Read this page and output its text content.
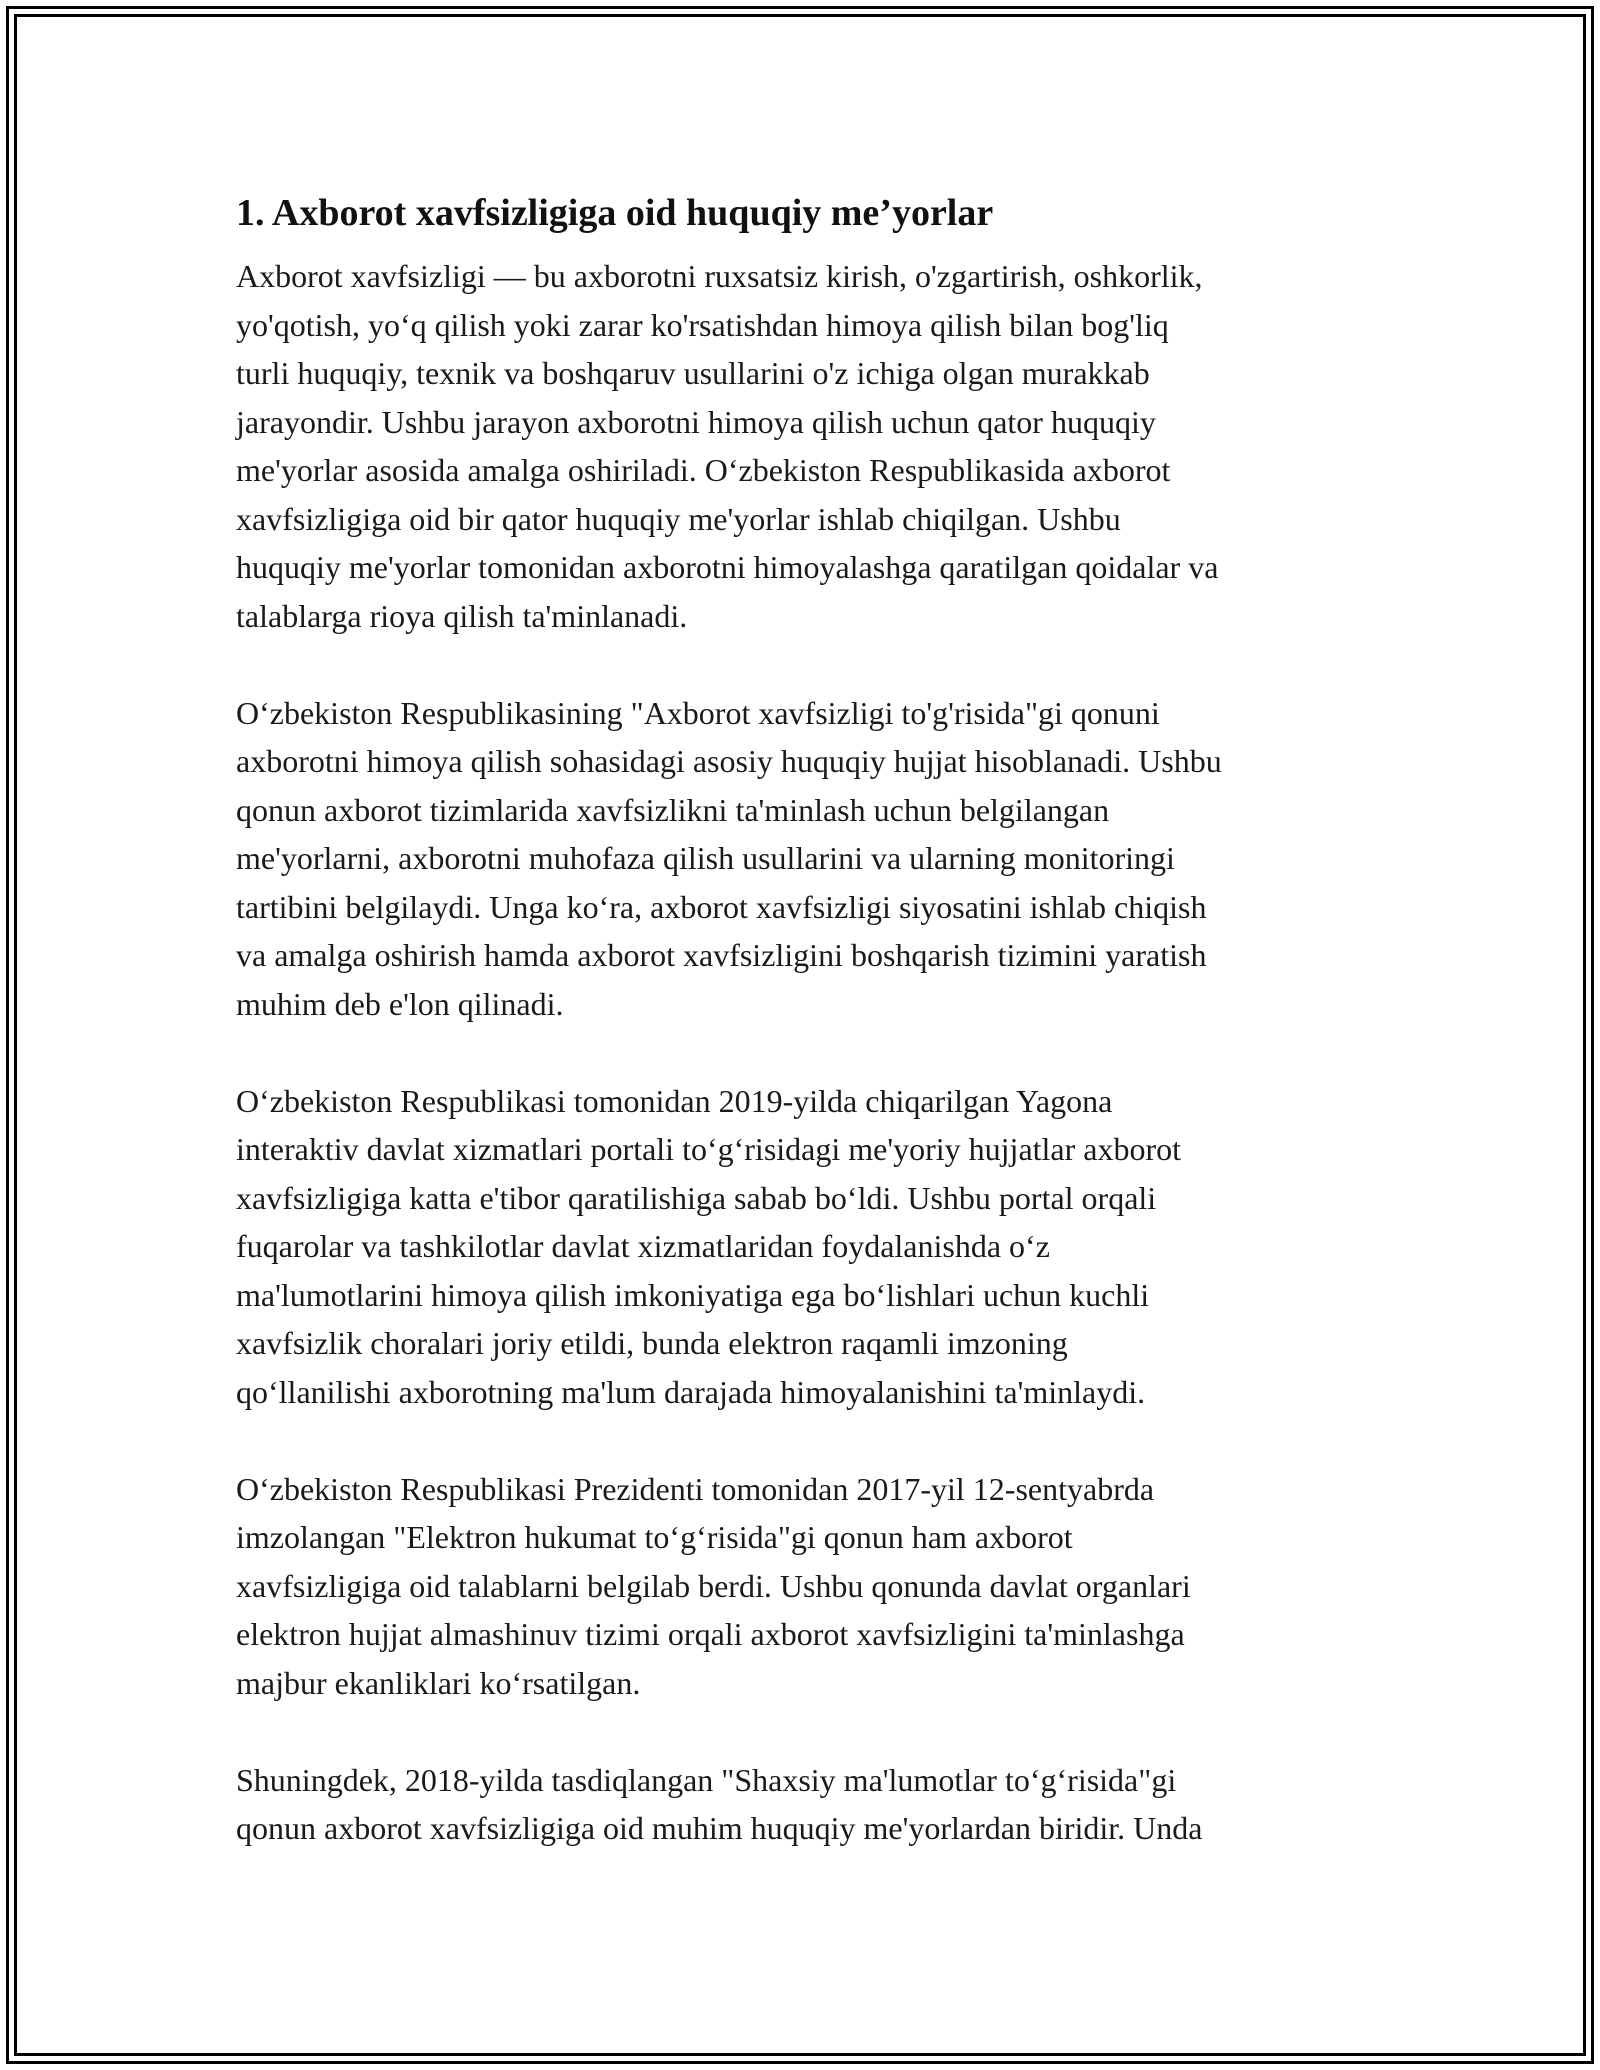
1. Axborot xavfsizligiga oid huquqiy me’yorlar

Axborot xavfsizligi — bu axborotni ruxsatsiz kirish, o'zgartirish, oshkorlik,
yo'qotish, yo‘q qilish yoki zarar ko'rsatishdan himoya qilish bilan bog'liq
turli huquqiy, texnik va boshqaruv usullarini o'z ichiga olgan murakkab
jarayondir. Ushbu jarayon axborotni himoya qilish uchun qator huquqiy
me'yorlar asosida amalga oshiriladi. O‘zbekiston Respublikasida axborot
xavfsizligiga oid bir qator huquqiy me'yorlar ishlab chiqilgan. Ushbu
huquqiy me'yorlar tomonidan axborotni himoyalashga qaratilgan qoidalar va
talablarga rioya qilish ta'minlanadi.

O‘zbekiston Respublikasining "Axborot xavfsizligi to'g'risida"gi qonuni
axborotni himoya qilish sohasidagi asosiy huquqiy hujjat hisoblanadi. Ushbu
qonun axborot tizimlarida xavfsizlikni ta'minlash uchun belgilangan
me'yorlarni, axborotni muhofaza qilish usullarini va ularning monitoringi
tartibini belgilaydi. Unga ko‘ra, axborot xavfsizligi siyosatini ishlab chiqish
va amalga oshirish hamda axborot xavfsizligini boshqarish tizimini yaratish
muhim deb e'lon qilinadi.

O‘zbekiston Respublikasi tomonidan 2019-yilda chiqarilgan Yagona
interaktiv davlat xizmatlari portali to‘g‘risidagi me'yoriy hujjatlar axborot
xavfsizligiga katta e'tibor qaratilishiga sabab bo‘ldi. Ushbu portal orqali
fuqarolar va tashkilotlar davlat xizmatlaridan foydalanishda o‘z
ma'lumotlarini himoya qilish imkoniyatiga ega bo‘lishlari uchun kuchli
xavfsizlik choralari joriy etildi, bunda elektron raqamli imzoning
qo‘llanilishi axborotning ma'lum darajada himoyalanishini ta'minlaydi.

O‘zbekiston Respublikasi Prezidenti tomonidan 2017-yil 12-sentyabrda
imzolangan "Elektron hukumat to‘g‘risida"gi qonun ham axborot
xavfsizligiga oid talablarni belgilab berdi. Ushbu qonunda davlat organlari
elektron hujjat almashinuv tizimi orqali axborot xavfsizligini ta'minlashga
majbur ekanliklari ko‘rsatilgan.

Shuningdek, 2018-yilda tasdiqlangan "Shaxsiy ma'lumotlar to‘g‘risida"gi
qonun axborot xavfsizligiga oid muhim huquqiy me'yorlardan biridir. Unda
